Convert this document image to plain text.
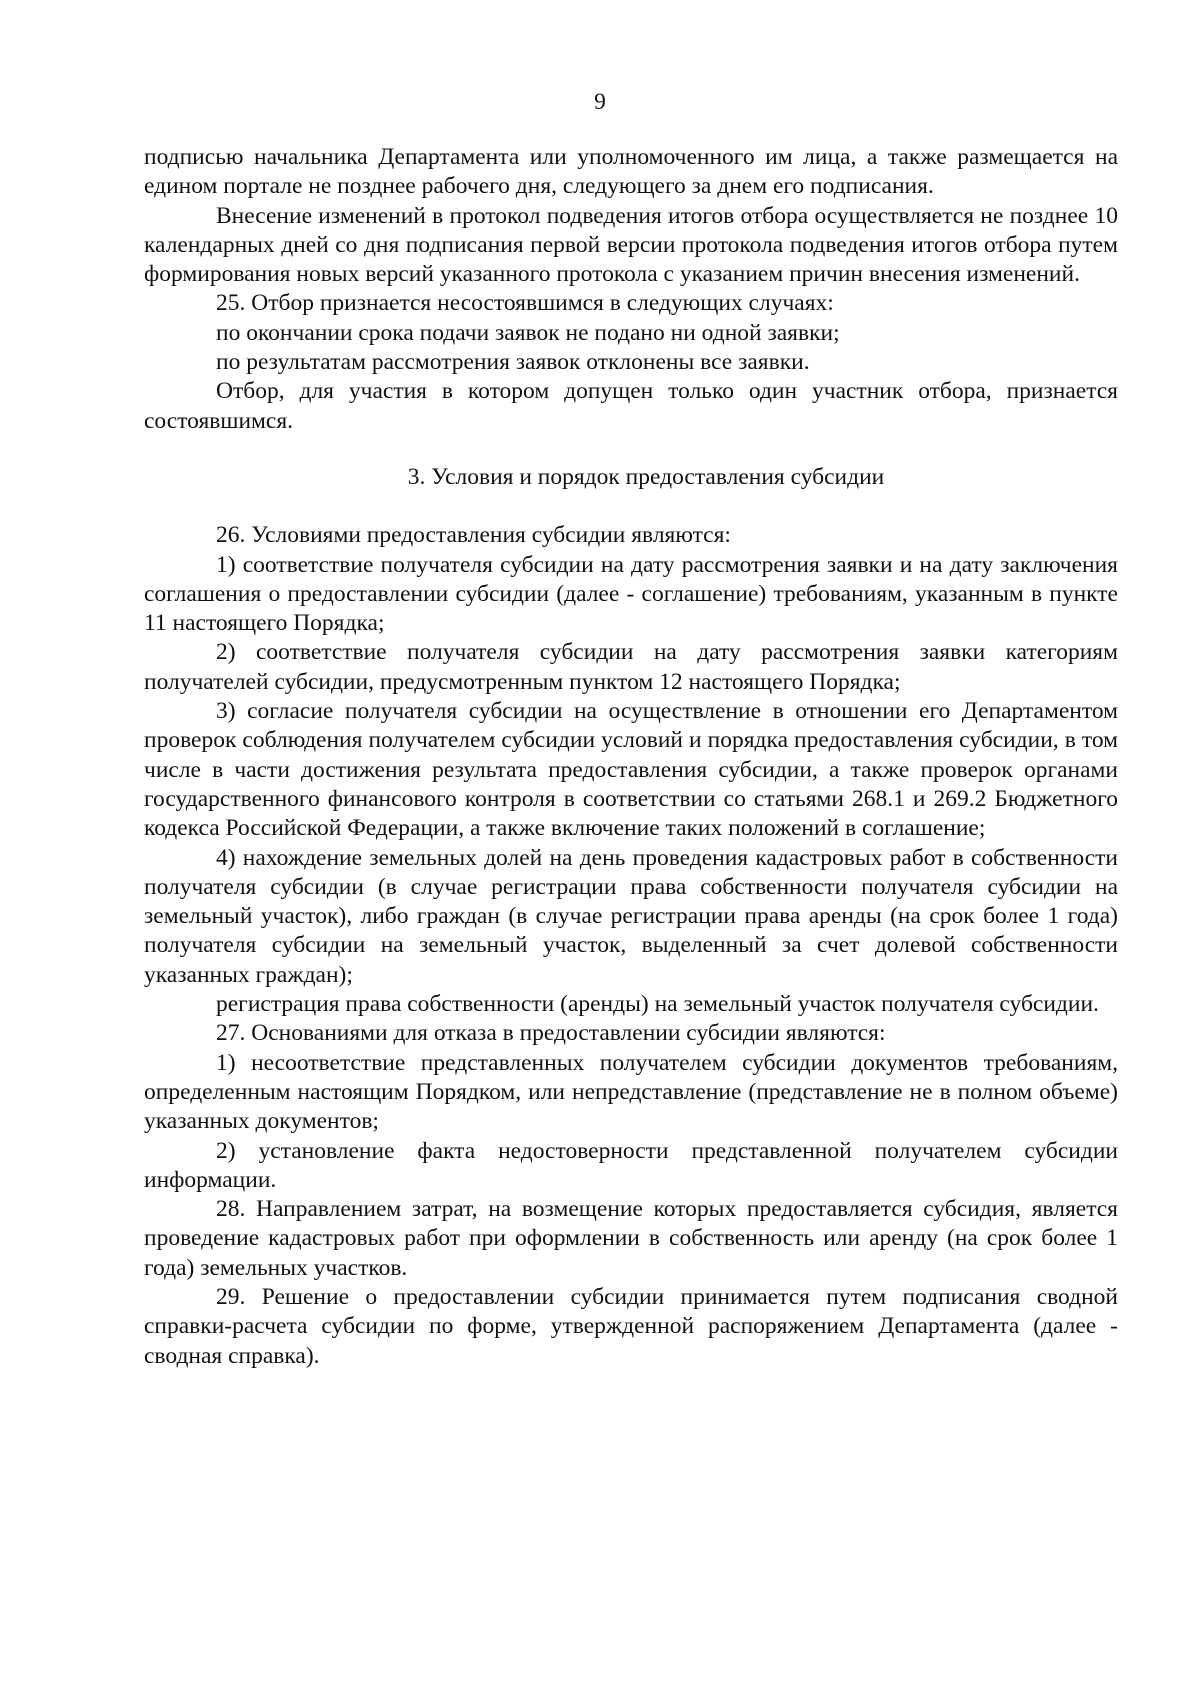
9

подписью начальника Департамента или уполномоченного им лица, а также размещается на едином портале не позднее рабочего дня, следующего за днем его подписания.

Внесение изменений в протокол подведения итогов отбора осуществляется не позднее 10 календарных дней со дня подписания первой версии протокола подведения итогов отбора путем формирования новых версий указанного протокола с указанием причин внесения изменений.

25. Отбор признается несостоявшимся в следующих случаях:

по окончании срока подачи заявок не подано ни одной заявки;

по результатам рассмотрения заявок отклонены все заявки.

Отбор, для участия в котором допущен только один участник отбора, признается состоявшимся.

3. Условия и порядок предоставления субсидии

26. Условиями предоставления субсидии являются:

1) соответствие получателя субсидии на дату рассмотрения заявки и на дату заключения соглашения о предоставлении субсидии (далее - соглашение) требованиям, указанным в пункте 11 настоящего Порядка;

2) соответствие получателя субсидии на дату рассмотрения заявки категориям получателей субсидии, предусмотренным пунктом 12 настоящего Порядка;

3) согласие получателя субсидии на осуществление в отношении его Департаментом проверок соблюдения получателем субсидии условий и порядка предоставления субсидии, в том числе в части достижения результата предоставления субсидии, а также проверок органами государственного финансового контроля в соответствии со статьями 268.1 и 269.2 Бюджетного кодекса Российской Федерации, а также включение таких положений в соглашение;

4) нахождение земельных долей на день проведения кадастровых работ в собственности получателя субсидии (в случае регистрации права собственности получателя субсидии на земельный участок), либо граждан (в случае регистрации права аренды (на срок более 1 года) получателя субсидии на земельный участок, выделенный за счет долевой собственности указанных граждан);

регистрация права собственности (аренды) на земельный участок получателя субсидии.

27. Основаниями для отказа в предоставлении субсидии являются:

1) несоответствие представленных получателем субсидии документов требованиям, определенным настоящим Порядком, или непредставление (представление не в полном объеме) указанных документов;

2) установление факта недостоверности представленной получателем субсидии информации.

28. Направлением затрат, на возмещение которых предоставляется субсидия, является проведение кадастровых работ при оформлении в собственность или аренду (на срок более 1 года) земельных участков.

29. Решение о предоставлении субсидии принимается путем подписания сводной справки-расчета субсидии по форме, утвержденной распоряжением Департамента (далее - сводная справка).
